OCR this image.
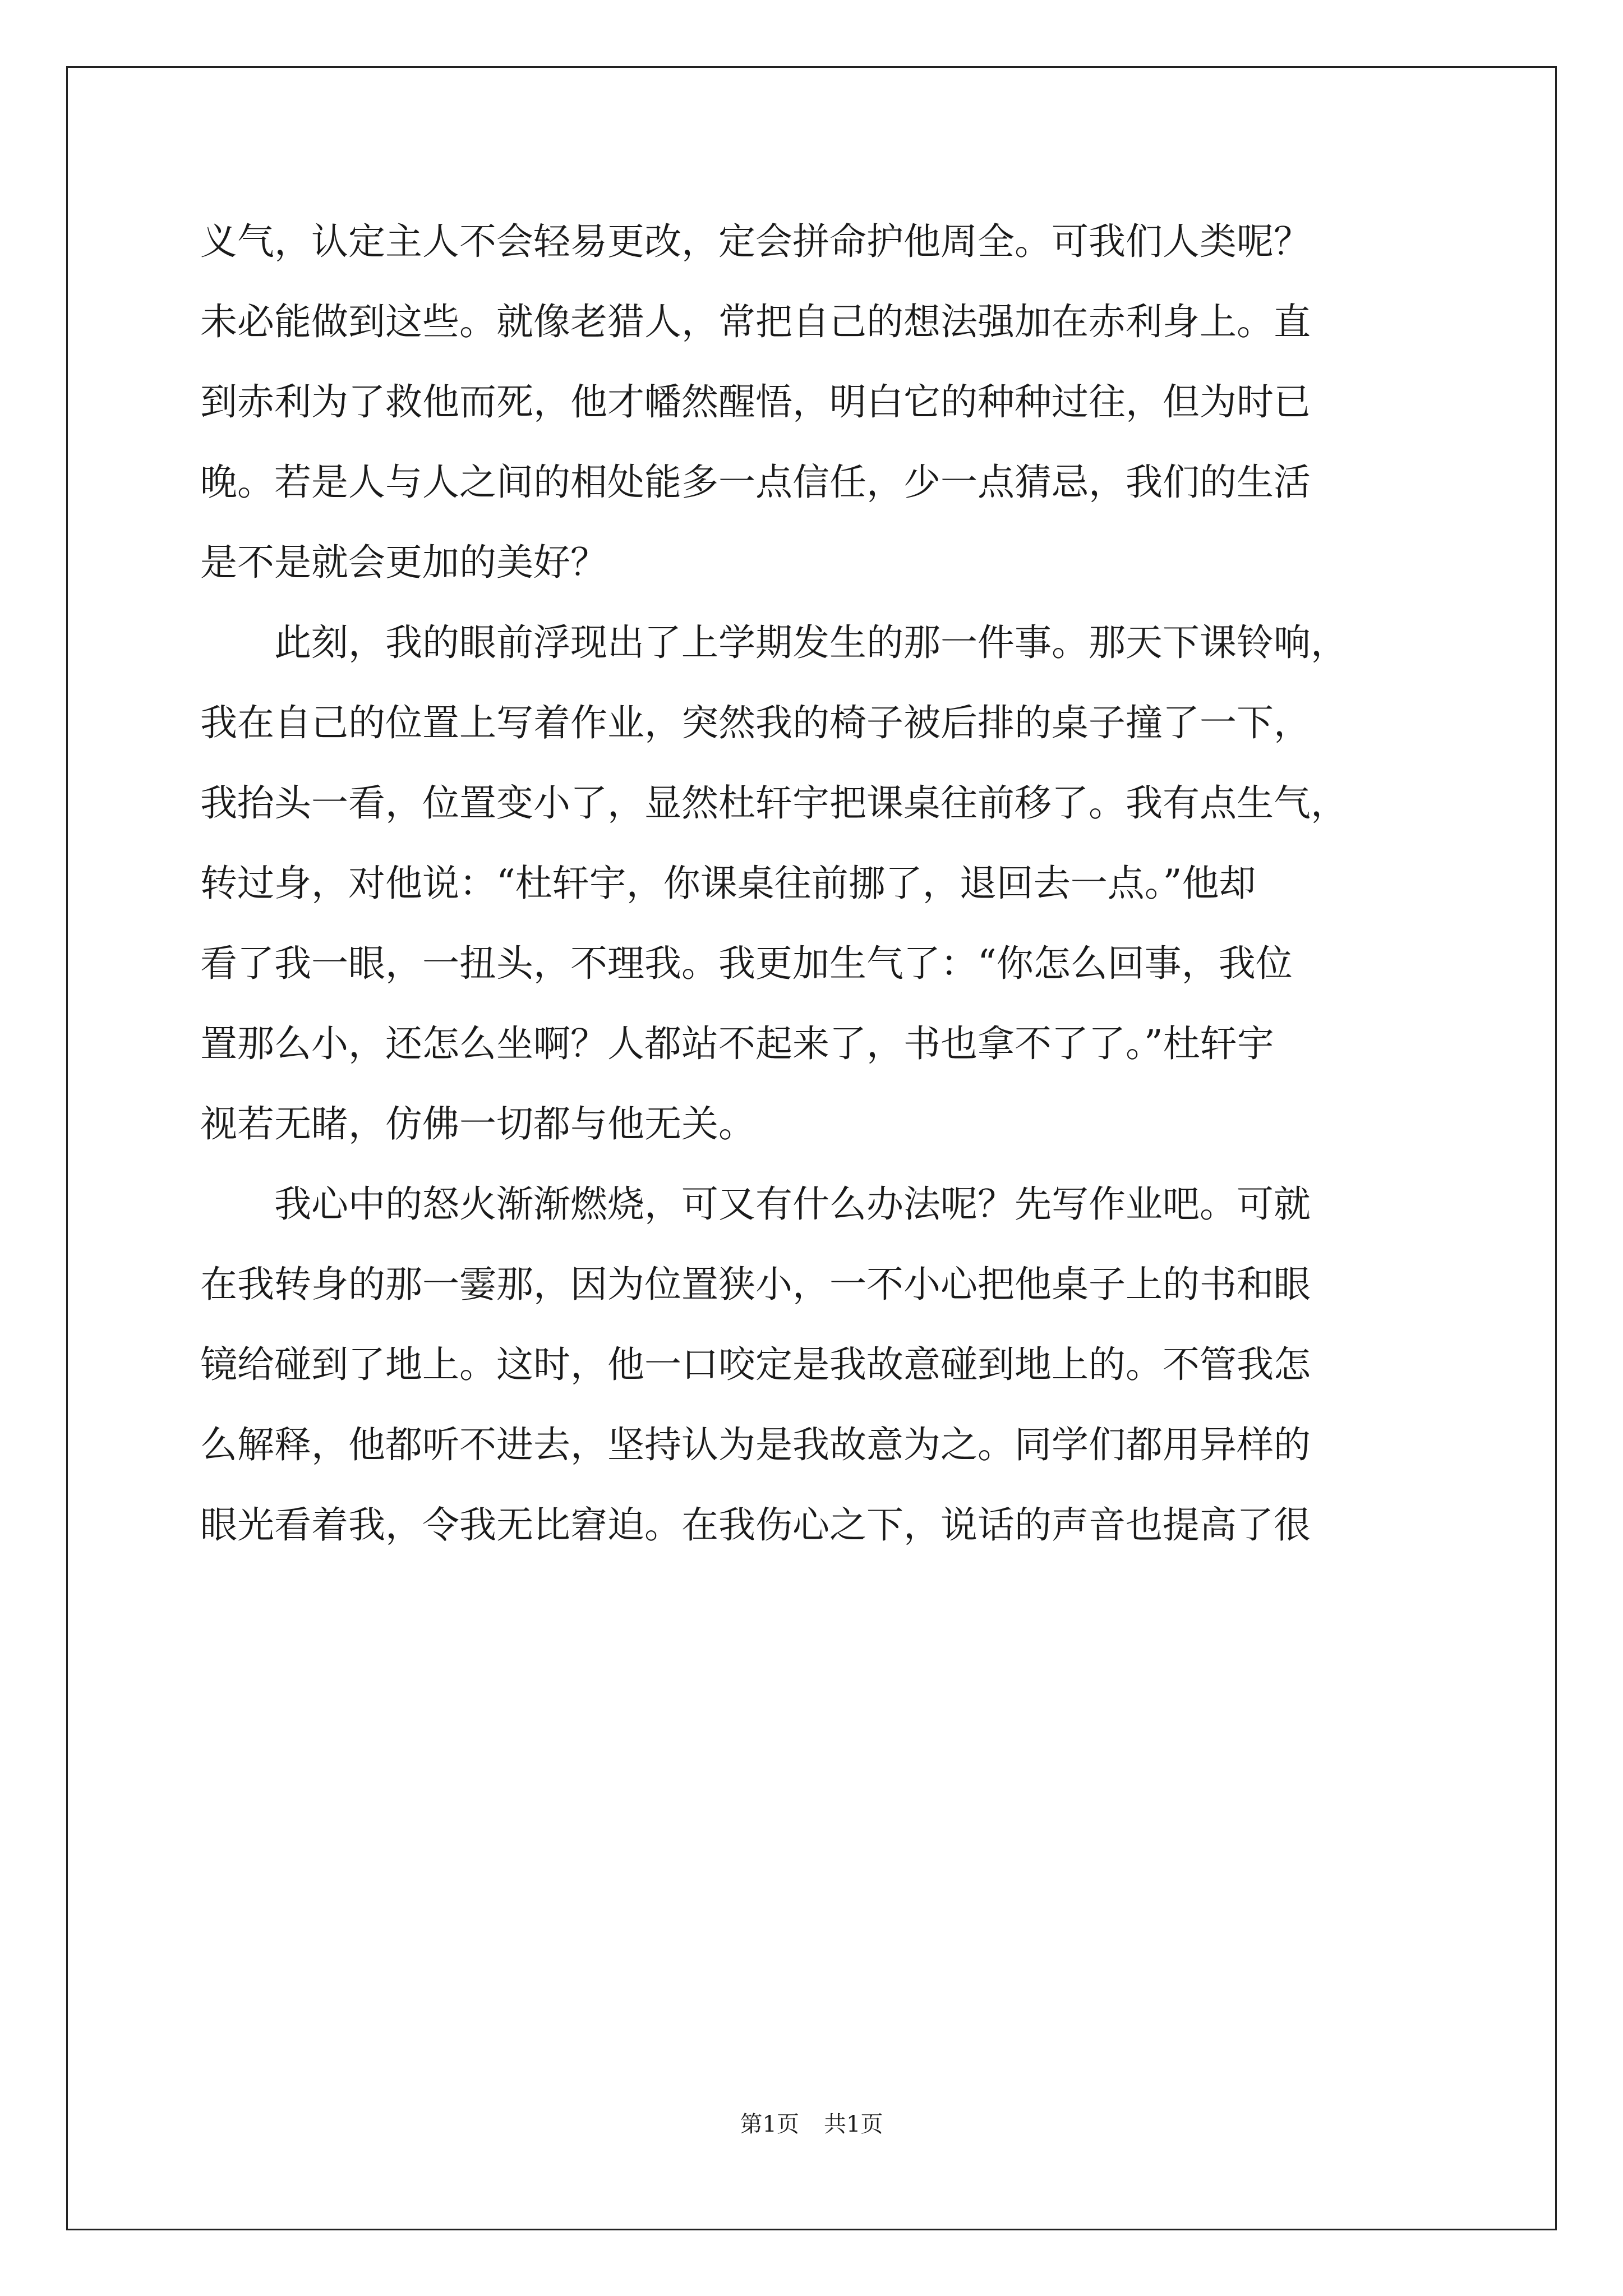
义气，认定主人不会轻易更改，定会拼命护他周全。可我们人类呢？
未必能做到这些。就像老猎人，常把自己的想法强加在赤利身上。直
到赤利为了救他而死，他才幡然醒悟，明白它的种种过往，但为时已
晚。若是人与人之间的相处能多一点信任，少一点猜忌，我们的生活
是不是就会更加的美好？
　　此刻，我的眼前浮现出了上学期发生的那一件事。那天下课铃响，
我在自己的位置上写着作业，突然我的椅子被后排的桌子撞了一下，
我抬头一看，位置变小了，显然杜轩宇把课桌往前移了。我有点生气，
转过身，对他说：“杜轩宇，你课桌往前挪了，退回去一点。”他却
看了我一眼，一扭头，不理我。我更加生气了：“你怎么回事，我位
置那么小，还怎么坐啊？人都站不起来了，书也拿不了了。”杜轩宇
视若无睹，仿佛一切都与他无关。
　　我心中的怒火渐渐燃烧，可又有什么办法呢？先写作业吧。可就
在我转身的那一霎那，因为位置狭小，一不小心把他桌子上的书和眼
镜给碰到了地上。这时，他一口咬定是我故意碰到地上的。不管我怎
么解释，他都听不进去，坚持认为是我故意为之。同学们都用异样的
眼光看着我，令我无比窘迫。在我伤心之下，说话的声音也提高了很
第1页 共1页
